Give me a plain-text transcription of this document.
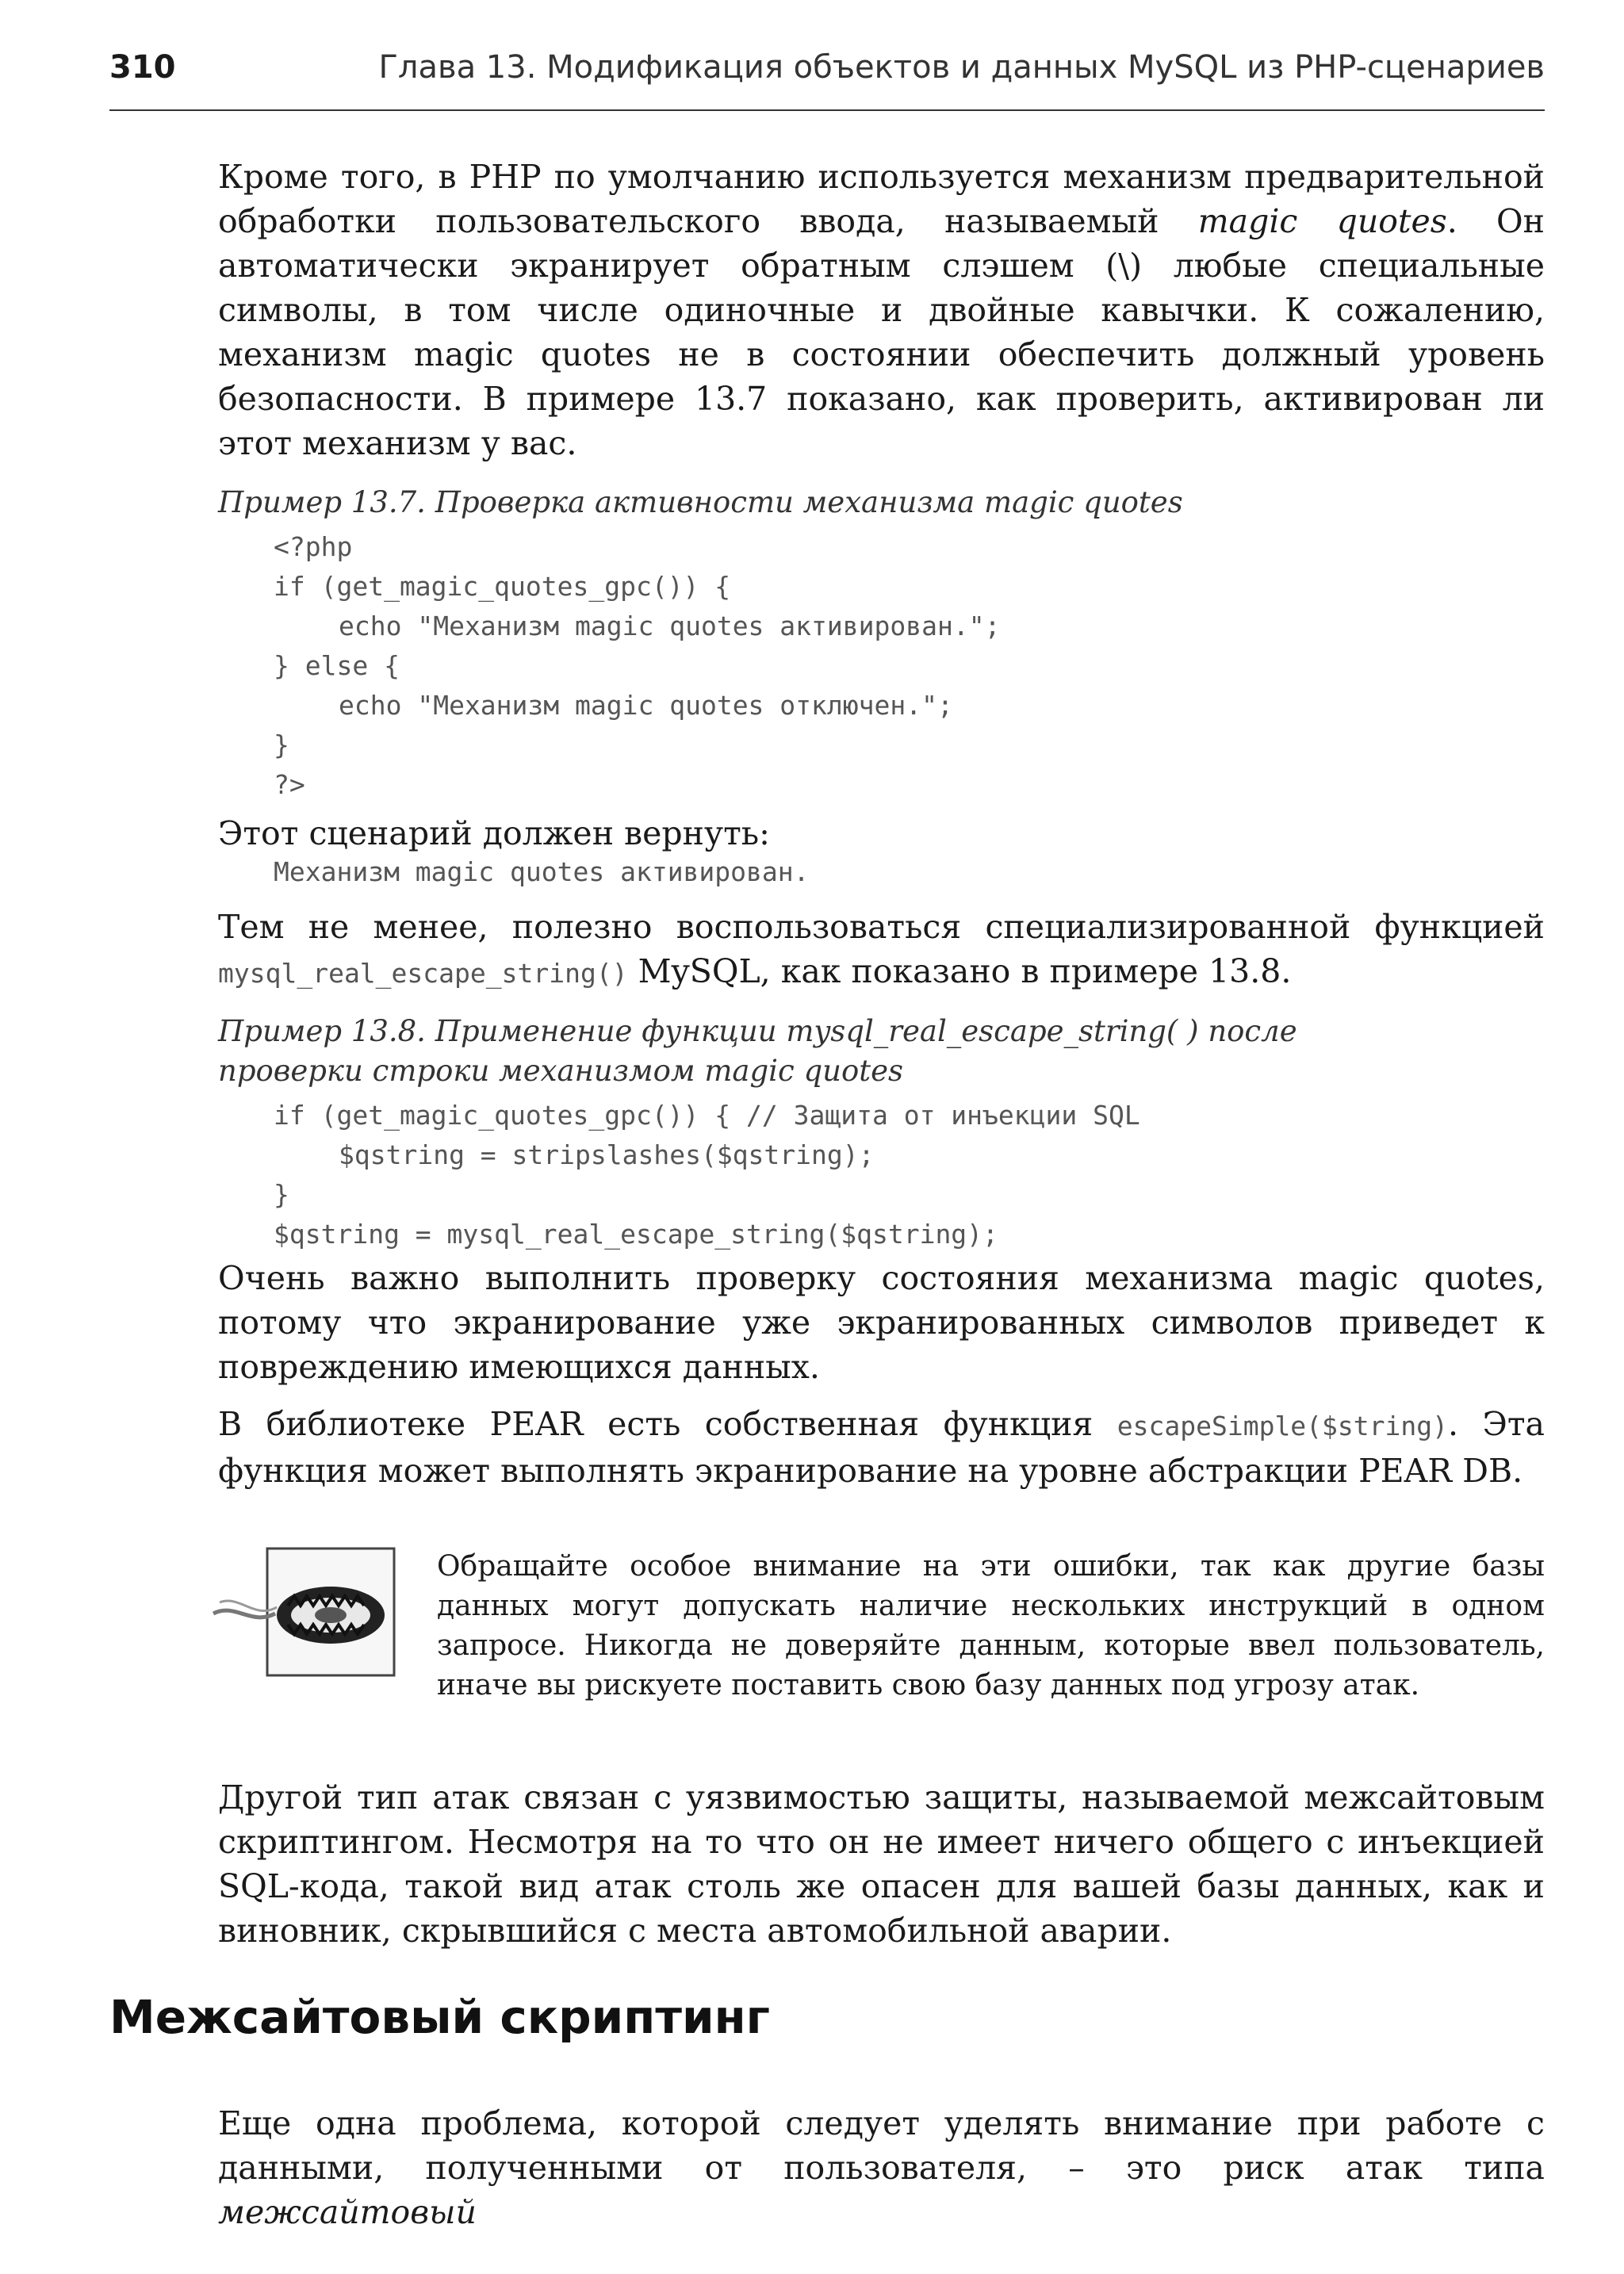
310	Глава 13. Модификация объектов и данных MySQL из PHP-сценариев

Кроме того, в PHP по умолчанию используется механизм предварительной обработки пользовательского ввода, называемый magic quotes. Он автоматически экранирует обратным слэшем (\) любые специальные символы, в том числе одиночные и двойные кавычки. К сожалению, механизм magic quotes не в состоянии обеспечить должный уровень безопасности. В примере 13.7 показано, как проверить, активирован ли этот механизм у вас.

Пример 13.7. Проверка активности механизма magic quotes

<?php
if (get_magic_quotes_gpc()) {
echo "Механизм magic quotes активирован.";
} else {
echo "Механизм magic quotes отключен.";
}
?>

Этот сценарий должен вернуть:

Механизм magic quotes активирован.

Тем не менее, полезно воспользоваться специализированной функцией mysql_real_escape_string() MySQL, как показано в примере 13.8.

Пример 13.8. Применение функции mysql_real_escape_string( ) после
проверки строки механизмом magic quotes

if (get_magic_quotes_gpc()) { // Защита от инъекции SQL
$qstring = stripslashes($qstring);
}
$qstring = mysql_real_escape_string($qstring);

Очень важно выполнить проверку состояния механизма magic quotes, потому что экранирование уже экранированных символов приведет к повреждению имеющихся данных.

В библиотеке PEAR есть собственная функция escapeSimple($string). Эта функция может выполнять экранирование на уровне абстракции PEAR DB.

Обращайте особое внимание на эти ошибки, так как другие базы данных могут допускать наличие нескольких инструкций в одном запросе. Никогда не доверяйте данным, которые ввел пользователь, иначе вы рискуете поставить свою базу данных под угрозу атак.

Другой тип атак связан с уязвимостью защиты, называемой межсайтовым скриптингом. Несмотря на то что он не имеет ничего общего с инъекцией SQL-кода, такой вид атак столь же опасен для вашей базы данных, как и виновник, скрывшийся с места автомобильной аварии.

Межсайтовый скриптинг

Еще одна проблема, которой следует уделять внимание при работе с данными, полученными от пользователя, – это риск атак типа межсайтовый
